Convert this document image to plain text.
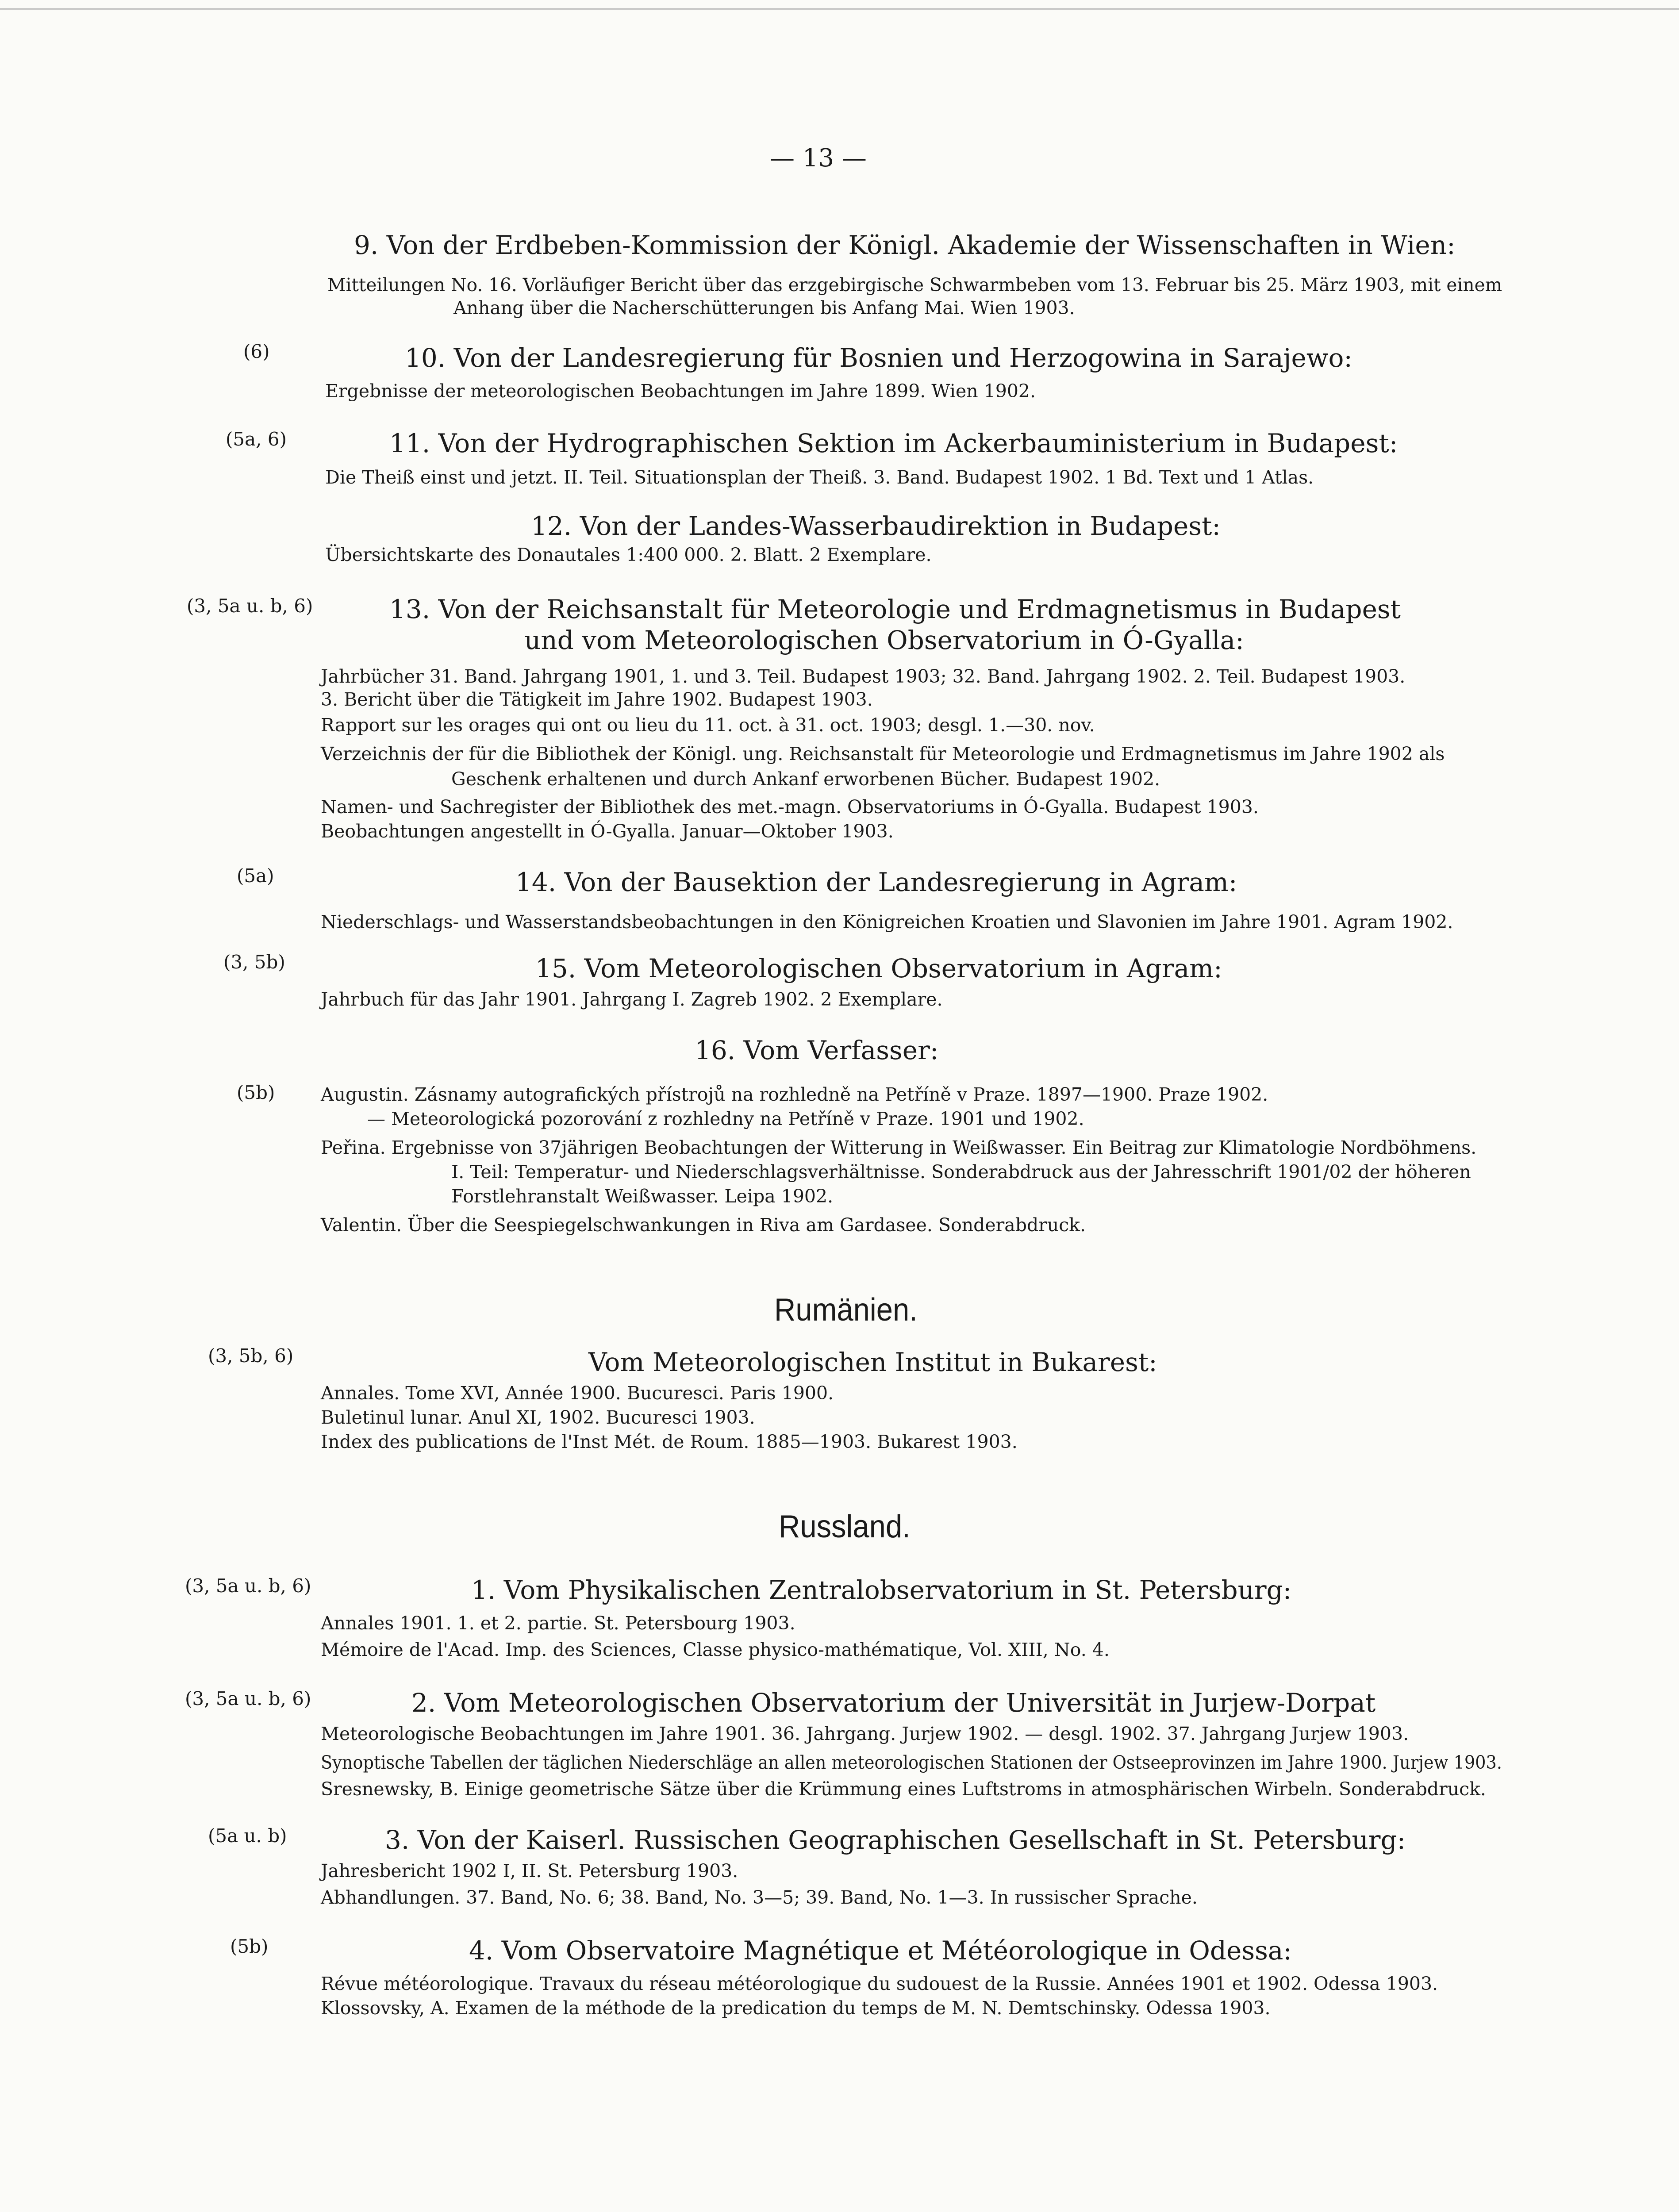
— 13 —
9. Von der Erdbeben-Kommission der Königl. Akademie der Wissenschaften in Wien:
Mitteilungen No. 16. Vorläufiger Bericht über das erzgebirgische Schwarmbeben vom 13. Februar bis 25. März 1903, mit einem
Anhang über die Nacherschütterungen bis Anfang Mai. Wien 1903.
(6)	10. Von der Landesregierung für Bosnien und Herzogowina in Sarajewo:
Ergebnisse der meteorologischen Beobachtungen im Jahre 1899. Wien 1902.
(5a, 6)	11. Von der Hydrographischen Sektion im Ackerbauministerium in Budapest:
Die Theiß einst und jetzt. II. Teil. Situationsplan der Theiß. 3. Band. Budapest 1902. 1 Bd. Text und 1 Atlas.
12. Von der Landes-Wasserbaudirektion in Budapest:
Übersichtskarte des Donautales 1:400 000. 2. Blatt. 2 Exemplare.
(3, 5a u. b, 6)	13. Von der Reichsanstalt für Meteorologie und Erdmagnetismus in Budapest
und vom Meteorologischen Observatorium in Ó-Gyalla:
Jahrbücher 31. Band. Jahrgang 1901, 1. und 3. Teil. Budapest 1903; 32. Band. Jahrgang 1902. 2. Teil. Budapest 1903.
3. Bericht über die Tätigkeit im Jahre 1902. Budapest 1903.
Rapport sur les orages qui ont ou lieu du 11. oct. à 31. oct. 1903; desgl. 1.—30. nov.
Verzeichnis der für die Bibliothek der Königl. ung. Reichsanstalt für Meteorologie und Erdmagnetismus im Jahre 1902 als
Geschenk erhaltenen und durch Ankanf erworbenen Bücher. Budapest 1902.
Namen- und Sachregister der Bibliothek des met.-magn. Observatoriums in Ó-Gyalla. Budapest 1903.
Beobachtungen angestellt in Ó-Gyalla. Januar—Oktober 1903.
(5a)	14. Von der Bausektion der Landesregierung in Agram:
Niederschlags- und Wasserstandsbeobachtungen in den Königreichen Kroatien und Slavonien im Jahre 1901. Agram 1902.
(3, 5b)	15. Vom Meteorologischen Observatorium in Agram:
Jahrbuch für das Jahr 1901. Jahrgang I. Zagreb 1902. 2 Exemplare.
16. Vom Verfasser:
(5b)	Augustin. Zásnamy autografických přístrojů na rozhledně na Petříně v Praze. 1897—1900. Praze 1902.
— Meteorologická pozorování z rozhledny na Petříně v Praze. 1901 und 1902.
Peřina. Ergebnisse von 37jährigen Beobachtungen der Witterung in Weißwasser. Ein Beitrag zur Klimatologie Nordböhmens.
I. Teil: Temperatur- und Niederschlagsverhältnisse. Sonderabdruck aus der Jahresschrift 1901/02 der höheren
Forstlehranstalt Weißwasser. Leipa 1902.
Valentin. Über die Seespiegelschwankungen in Riva am Gardasee. Sonderabdruck.
Rumänien.
(3, 5b, 6)	Vom Meteorologischen Institut in Bukarest:
Annales. Tome XVI, Année 1900. Bucuresci. Paris 1900.
Buletinul lunar. Anul XI, 1902. Bucuresci 1903.
Index des publications de l'Inst Mét. de Roum. 1885—1903. Bukarest 1903.
Russland.
(3, 5a u. b, 6)	1. Vom Physikalischen Zentralobservatorium in St. Petersburg:
Annales 1901. 1. et 2. partie. St. Petersbourg 1903.
Mémoire de l'Acad. Imp. des Sciences, Classe physico-mathématique, Vol. XIII, No. 4.
(3, 5a u. b, 6)	2. Vom Meteorologischen Observatorium der Universität in Jurjew-Dorpat
Meteorologische Beobachtungen im Jahre 1901. 36. Jahrgang. Jurjew 1902. — desgl. 1902. 37. Jahrgang Jurjew 1903.
Synoptische Tabellen der täglichen Niederschläge an allen meteorologischen Stationen der Ostseeprovinzen im Jahre 1900. Jurjew 1903.
Sresnewsky, B. Einige geometrische Sätze über die Krümmung eines Luftstroms in atmosphärischen Wirbeln. Sonderabdruck.
(5a u. b)	3. Von der Kaiserl. Russischen Geographischen Gesellschaft in St. Petersburg:
Jahresbericht 1902 I, II. St. Petersburg 1903.
Abhandlungen. 37. Band, No. 6; 38. Band, No. 3—5; 39. Band, No. 1—3. In russischer Sprache.
(5b)	4. Vom Observatoire Magnétique et Météorologique in Odessa:
Révue météorologique. Travaux du réseau météorologique du sudouest de la Russie. Années 1901 et 1902. Odessa 1903.
Klossovsky, A. Examen de la méthode de la predication du temps de M. N. Demtschinsky. Odessa 1903.
